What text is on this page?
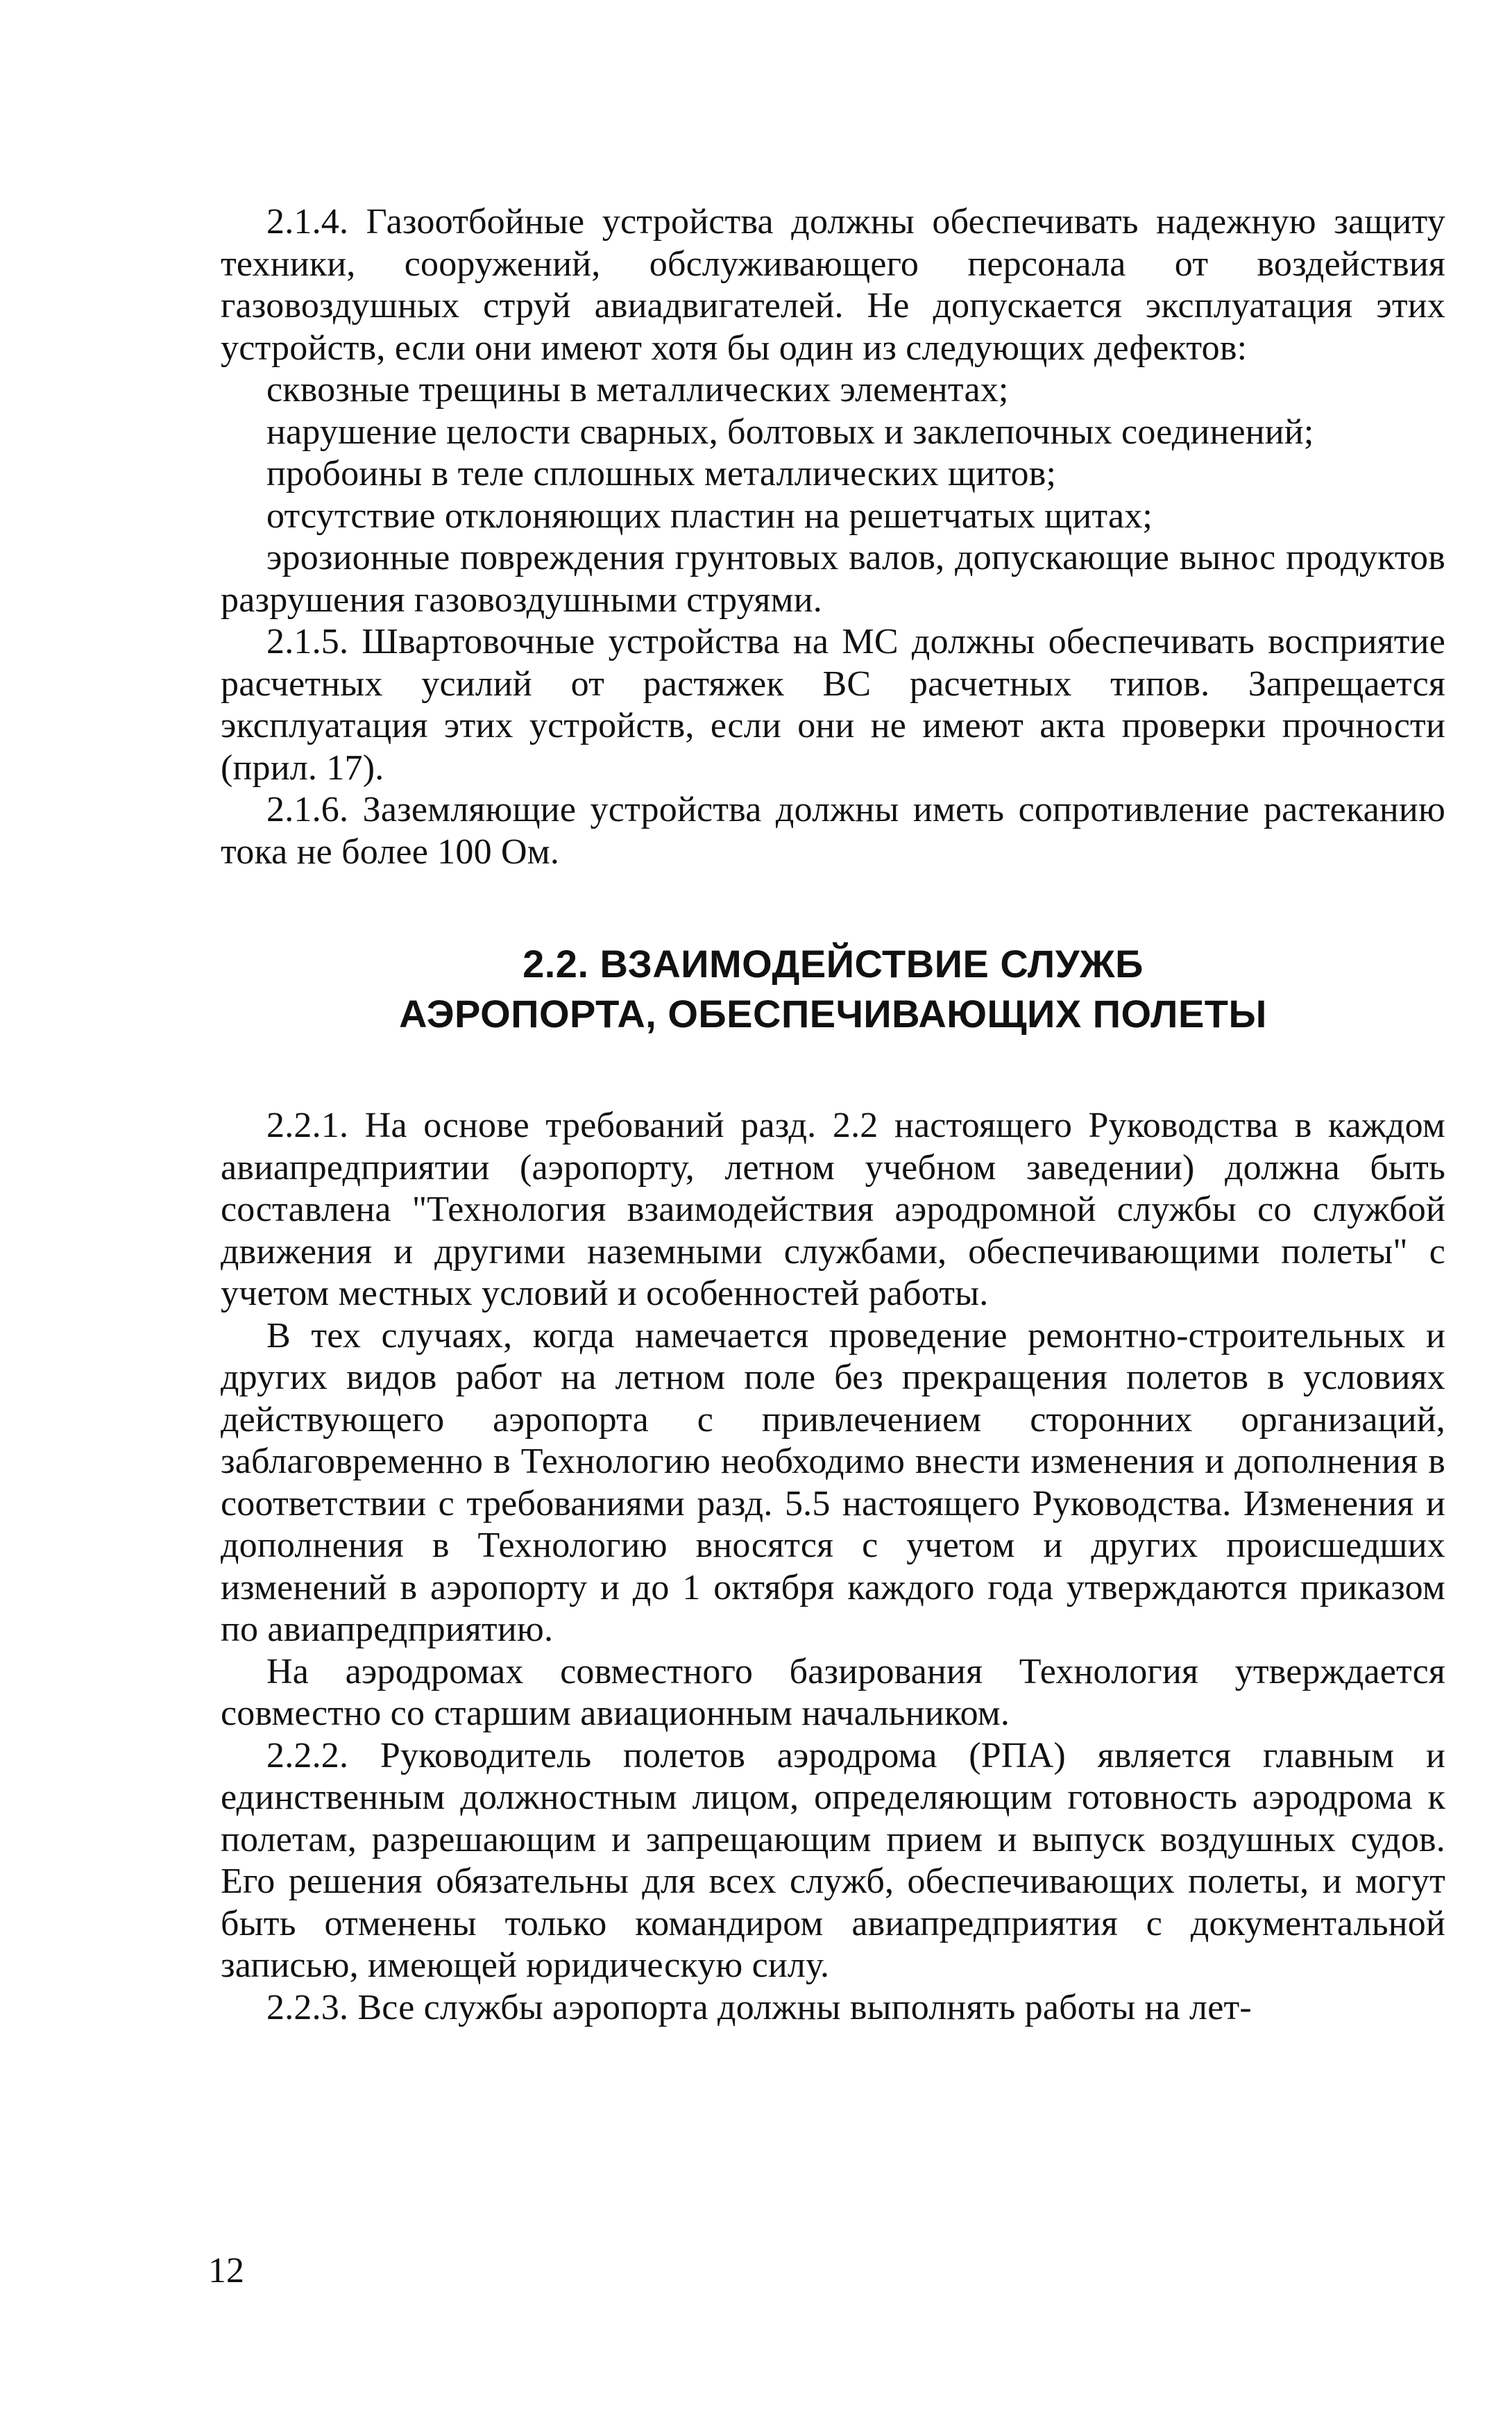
2.1.4. Газоотбойные устройства должны обеспечивать надежную защиту техники, сооружений, обслуживающего персонала от воздействия газовоздушных струй авиадвигателей. Не допускается эксплуатация этих устройств, если они имеют хотя бы один из следующих дефектов:

сквозные трещины в металлических элементах;

нарушение целости сварных, болтовых и заклепочных соединений;

пробоины в теле сплошных металлических щитов;

отсутствие отклоняющих пластин на решетчатых щитах;

эрозионные повреждения грунтовых валов, допускающие вынос продуктов разрушения газовоздушными струями.

2.1.5. Швартовочные устройства на МС должны обеспечивать восприятие расчетных усилий от растяжек ВС расчетных типов. Запрещается эксплуатация этих устройств, если они не имеют акта проверки прочности (прил. 17).

2.1.6. Заземляющие устройства должны иметь сопротивление растеканию тока не более 100 Ом.

2.2. ВЗАИМОДЕЙСТВИЕ СЛУЖБ
АЭРОПОРТА, ОБЕСПЕЧИВАЮЩИХ ПОЛЕТЫ

2.2.1. На основе требований разд. 2.2 настоящего Руководства в каждом авиапредприятии (аэропорту, летном учебном заведении) должна быть составлена "Технология взаимодействия аэродромной службы со службой движения и другими наземными службами, обеспечивающими полеты" с учетом местных условий и особенностей работы.

В тех случаях, когда намечается проведение ремонтно-строительных и других видов работ на летном поле без прекращения полетов в условиях действующего аэропорта с привлечением сторонних организаций, заблаговременно в Технологию необходимо внести изменения и дополнения в соответствии с требованиями разд. 5.5 настоящего Руководства. Изменения и дополнения в Технологию вносятся с учетом и других происшедших изменений в аэропорту и до 1 октября каждого года утверждаются приказом по авиапредприятию.

На аэродромах совместного базирования Технология утверждается совместно со старшим авиационным начальником.

2.2.2. Руководитель полетов аэродрома (РПА) является главным и единственным должностным лицом, определяющим готовность аэродрома к полетам, разрешающим и запрещающим прием и выпуск воздушных судов. Его решения обязательны для всех служб, обеспечивающих полеты, и могут быть отменены только командиром авиапредприятия с документальной записью, имеющей юридическую силу.

2.2.3. Все службы аэропорта должны выполнять работы на лет-

12
